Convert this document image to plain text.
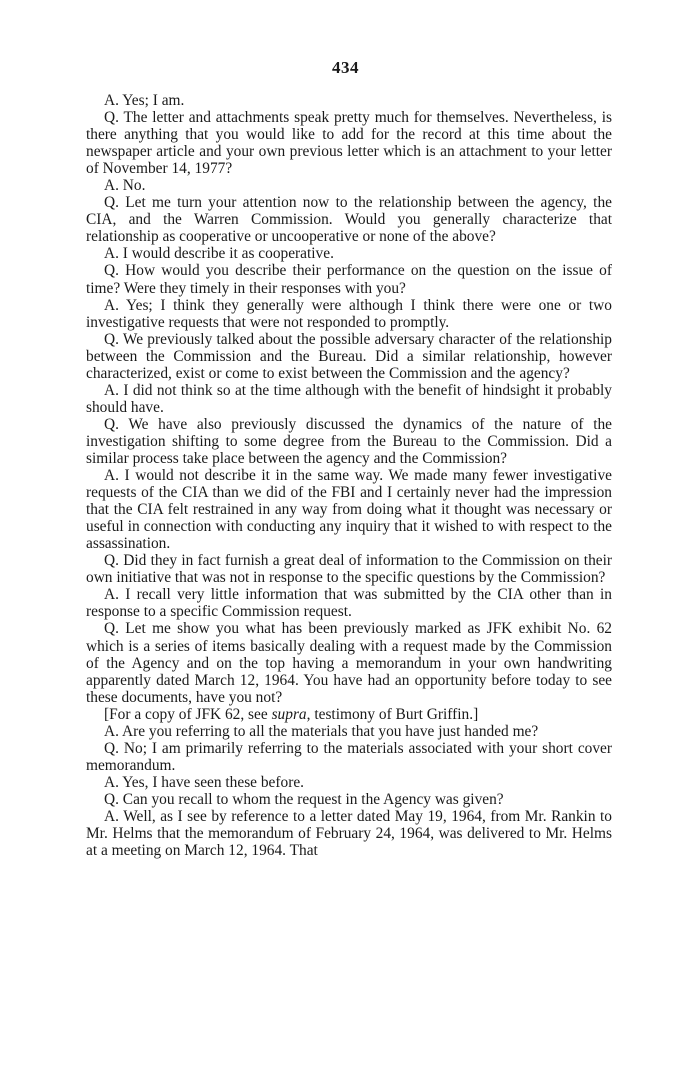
434

A. Yes; I am.

Q. The letter and attachments speak pretty much for themselves. Nevertheless, is there anything that you would like to add for the record at this time about the newspaper article and your own previous letter which is an attachment to your letter of November 14, 1977?

A. No.

Q. Let me turn your attention now to the relationship between the agency, the CIA, and the Warren Commission. Would you generally characterize that relationship as cooperative or uncooperative or none of the above?

A. I would describe it as cooperative.

Q. How would you describe their performance on the question on the issue of time? Were they timely in their responses with you?

A. Yes; I think they generally were although I think there were one or two investigative requests that were not responded to promptly.

Q. We previously talked about the possible adversary character of the relationship between the Commission and the Bureau. Did a similar relationship, however characterized, exist or come to exist between the Commission and the agency?

A. I did not think so at the time although with the benefit of hindsight it probably should have.

Q. We have also previously discussed the dynamics of the nature of the investigation shifting to some degree from the Bureau to the Commission. Did a similar process take place between the agency and the Commission?

A. I would not describe it in the same way. We made many fewer investigative requests of the CIA than we did of the FBI and I certainly never had the impression that the CIA felt restrained in any way from doing what it thought was necessary or useful in connection with conducting any inquiry that it wished to with respect to the assassination.

Q. Did they in fact furnish a great deal of information to the Commission on their own initiative that was not in response to the specific questions by the Commission?

A. I recall very little information that was submitted by the CIA other than in response to a specific Commission request.

Q. Let me show you what has been previously marked as JFK exhibit No. 62 which is a series of items basically dealing with a request made by the Commission of the Agency and on the top having a memorandum in your own handwriting apparently dated March 12, 1964. You have had an opportunity before today to see these documents, have you not?

[For a copy of JFK 62, see supra, testimony of Burt Griffin.]

A. Are you referring to all the materials that you have just handed me?

Q. No; I am primarily referring to the materials associated with your short cover memorandum.

A. Yes, I have seen these before.

Q. Can you recall to whom the request in the Agency was given?

A. Well, as I see by reference to a letter dated May 19, 1964, from Mr. Rankin to Mr. Helms that the memorandum of February 24, 1964, was delivered to Mr. Helms at a meeting on March 12, 1964. That
